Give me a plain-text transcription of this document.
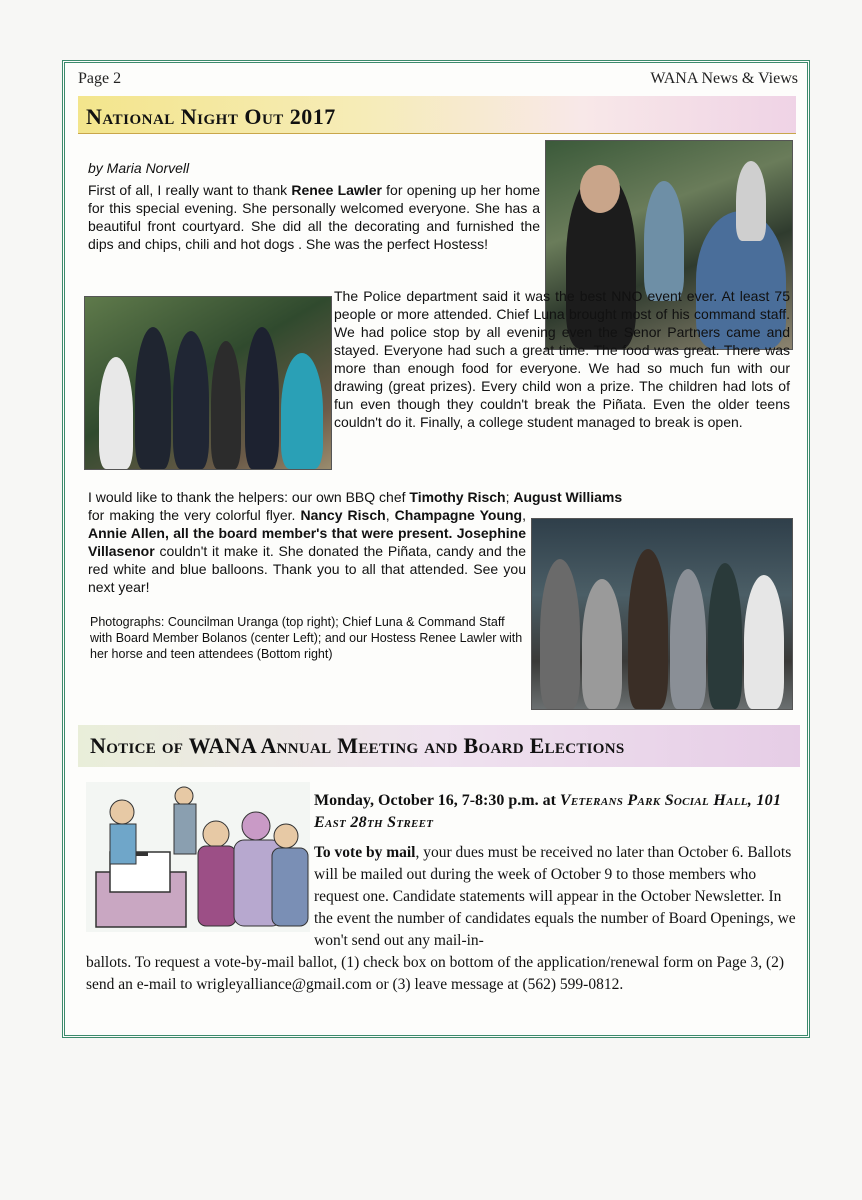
Page 2	WANA News & Views
National Night Out 2017
by Maria Norvell
First of all, I really want to thank Renee Lawler for opening up her home for this special evening. She personally welcomed everyone. She has a beautiful front courtyard. She did all the decorating and furnished the dips and chips, chili and hot dogs . She was the perfect Hostess!
The Police department said it was the best NNO event ever. At least 75 people or more attended. Chief Luna brought most of his command staff. We had police stop by all evening even the Senor Partners came and stayed. Everyone had such a great time. The food was great. There was more than enough food for everyone. We had so much fun with our drawing (great prizes). Every child won a prize. The children had lots of fun even though they couldn't break the Piñata. Even the older teens couldn't do it. Finally, a college student managed to break is open.
I would like to thank the helpers: our own BBQ chef Timothy Risch; August Williams
for making the very colorful flyer. Nancy Risch, Champagne Young, Annie Allen, all the board member's that were present. Josephine Villasenor couldn't it make it. She donated the Piñata, candy and the red white and blue balloons. Thank you to all that attended. See you next year!
Photographs: Councilman Uranga (top right); Chief Luna & Command Staff with Board Member Bolanos (center Left); and our Hostess Renee Lawler with her horse and teen attendees (Bottom right)
Notice of WANA Annual Meeting and Board Elections
Monday, October 16, 7-8:30 p.m. at Veterans Park Social Hall, 101 East 28th Street
To vote by mail, your dues must be received no later than October 6. Ballots will be mailed out during the week of October 9 to those members who request one. Candidate statements will appear in the October Newsletter. In the event the number of candidates equals the number of Board Openings, we won't send out any mail-in-
ballots. To request a vote-by-mail ballot, (1) check box on bottom of the application/renewal form on Page 3, (2) send an e-mail to wrigleyalliance@gmail.com or (3) leave message at (562) 599-0812.
